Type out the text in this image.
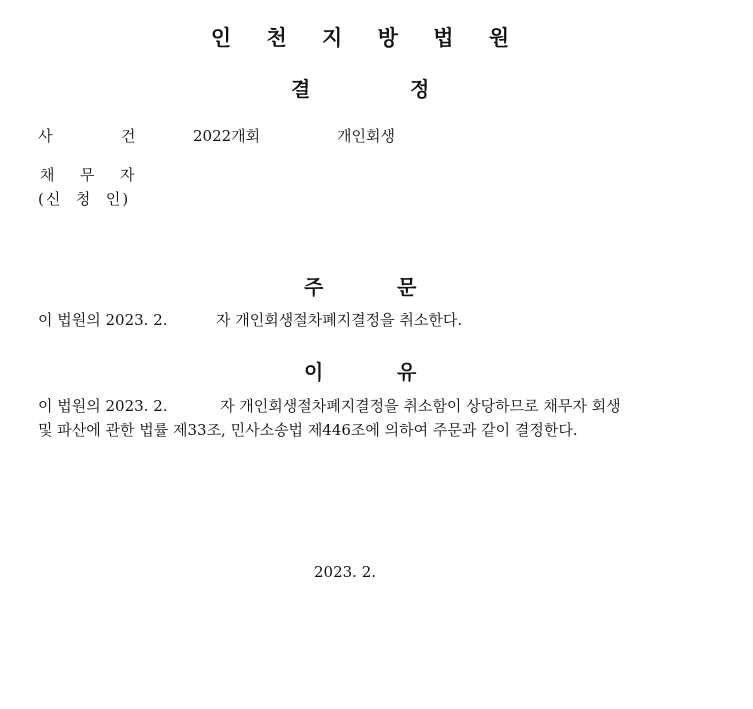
인 천 지 방 법 원
결	정
사	건	2022개회	개인회생
채 무 자
(신  청  인)
주	문
이 법원의 2023. 2.	자 개인회생절차폐지결정을 취소한다.
이	유
이 법원의 2023. 2.	자 개인회생절차폐지결정을 취소함이 상당하므로 채무자 회생
및 파산에 관한 법률 제33조, 민사소송법 제446조에 의하여 주문과 같이 결정한다.
2023. 2.
